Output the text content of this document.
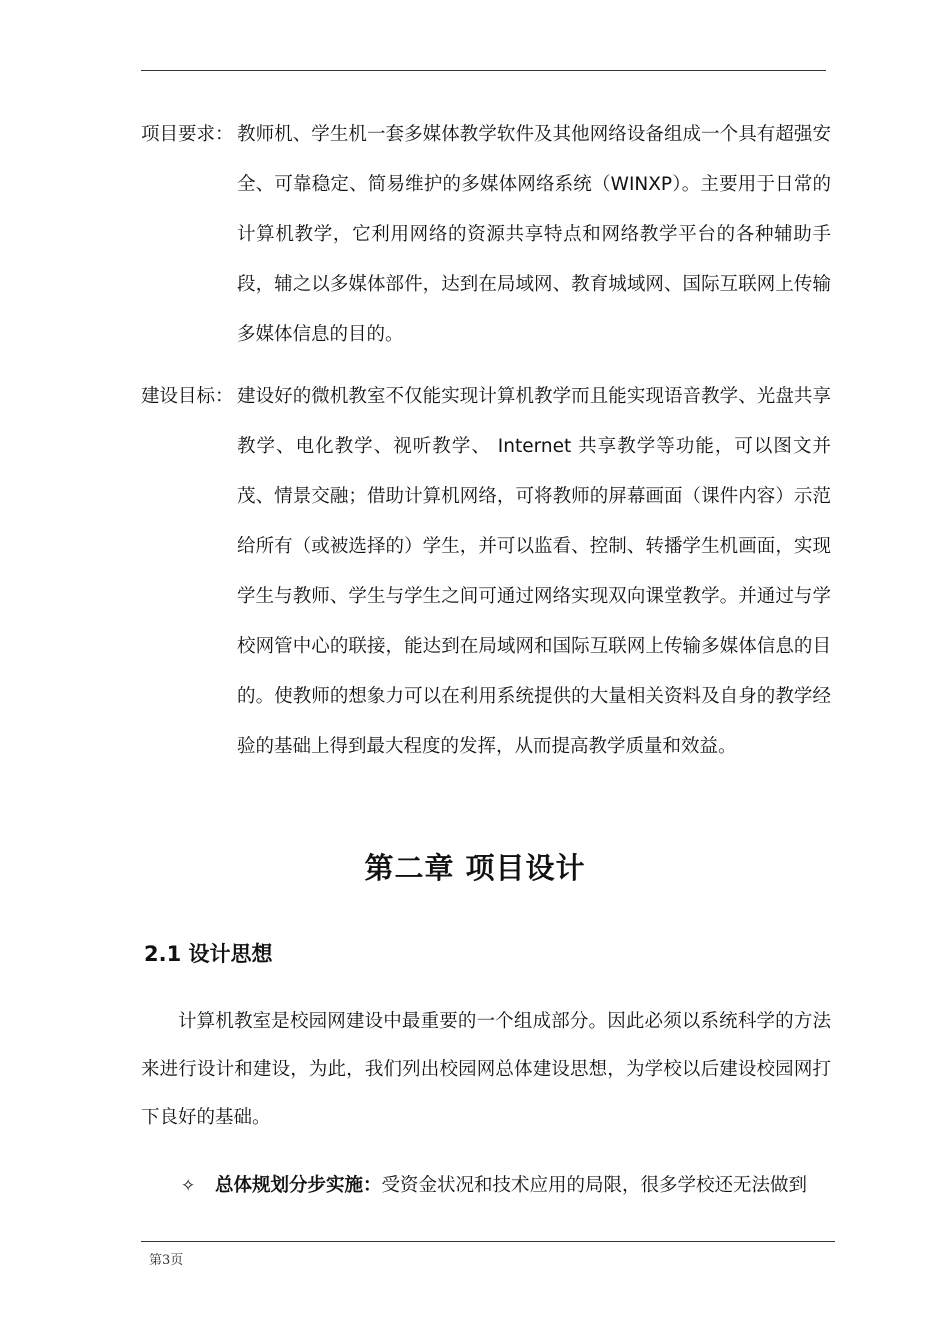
项目要求： 教师机、学生机一套多媒体教学软件及其他网络设备组成一个具有超强安全、可靠稳定、简易维护的多媒体网络系统（WINXP）。主要用于日常的计算机教学，它利用网络的资源共享特点和网络教学平台的各种辅助手段，辅之以多媒体部件，达到在局域网、教育城域网、国际互联网上传输多媒体信息的目的。
建设目标： 建设好的微机教室不仅能实现计算机教学而且能实现语音教学、光盘共享教学、电化教学、视听教学、 Internet 共享教学等功能，可以图文并茂、情景交融；借助计算机网络，可将教师的屏幕画面（课件内容）示范给所有（或被选择的）学生，并可以监看、控制、转播学生机画面，实现学生与教师、学生与学生之间可通过网络实现双向课堂教学。并通过与学校网管中心的联接，能达到在局域网和国际互联网上传输多媒体信息的目的。使教师的想象力可以在利用系统提供的大量相关资料及自身的教学经验的基础上得到最大程度的发挥，从而提高教学质量和效益。
第二章 项目设计
2.1 设计思想
计算机教室是校园网建设中最重要的一个组成部分。因此必须以系统科学的方法来进行设计和建设，为此，我们列出校园网总体建设思想，为学校以后建设校园网打下良好的基础。
✧ 总体规划分步实施：受资金状况和技术应用的局限，很多学校还无法做到
第3页
